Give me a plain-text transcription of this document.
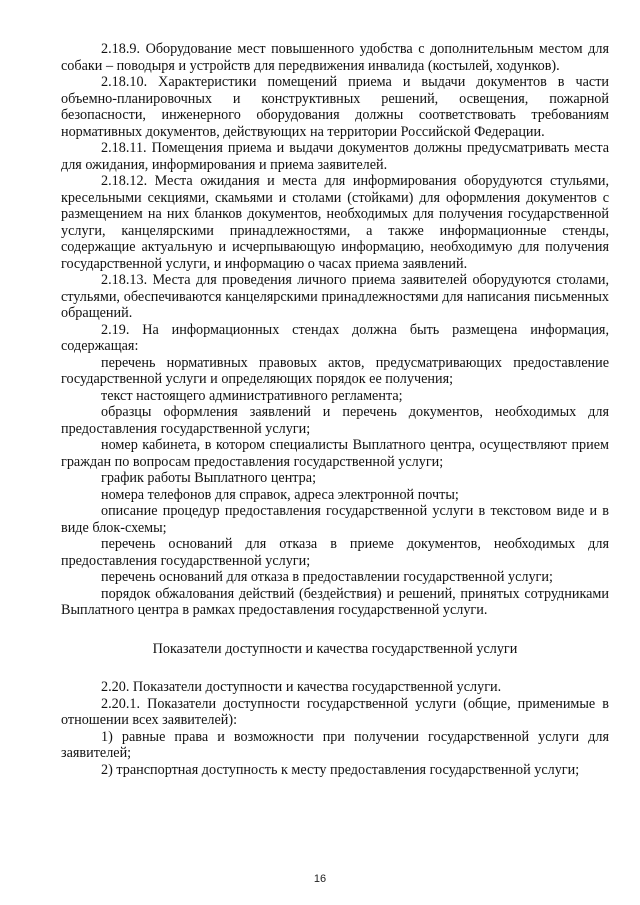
2.18.9. Оборудование мест повышенного удобства с дополнительным местом для собаки – поводыря и устройств для передвижения инвалида (костылей, ходунков).

2.18.10. Характеристики помещений приема и выдачи документов в части объемно-планировочных и конструктивных решений, освещения, пожарной безопасности, инженерного оборудования должны соответствовать требованиям нормативных документов, действующих на территории Российской Федерации.

2.18.11. Помещения приема и выдачи документов должны предусматривать места для ожидания, информирования и приема заявителей.

2.18.12. Места ожидания и места для информирования оборудуются стульями, кресельными секциями, скамьями и столами (стойками) для оформления документов с размещением на них бланков документов, необходимых для получения государственной услуги, канцелярскими принадлежностями, а также информационные стенды, содержащие актуальную и исчерпывающую информацию, необходимую для получения государственной услуги, и информацию о часах приема заявлений.

2.18.13. Места для проведения личного приема заявителей оборудуются столами, стульями, обеспечиваются канцелярскими принадлежностями для написания письменных обращений.

2.19. На информационных стендах должна быть размещена информация, содержащая:

перечень нормативных правовых актов, предусматривающих предоставление государственной услуги и определяющих порядок ее получения;

текст настоящего административного регламента;

образцы оформления заявлений и перечень документов, необходимых для предоставления государственной услуги;

номер кабинета, в котором специалисты Выплатного центра, осуществляют прием граждан по вопросам предоставления государственной услуги;

график работы Выплатного центра;

номера телефонов для справок, адреса электронной почты;

описание процедур предоставления государственной услуги в текстовом виде и в виде блок-схемы;

перечень оснований для отказа в приеме документов, необходимых для предоставления государственной услуги;

перечень оснований для отказа в предоставлении государственной услуги;

порядок обжалования действий (бездействия) и решений, принятых сотрудниками Выплатного центра в рамках предоставления государственной услуги.

Показатели доступности и качества государственной услуги

2.20. Показатели доступности и качества государственной услуги.

2.20.1. Показатели доступности государственной услуги (общие, применимые в отношении всех заявителей):

1) равные права и возможности при получении государственной услуги для заявителей;

2) транспортная доступность к месту предоставления государственной услуги;

16
